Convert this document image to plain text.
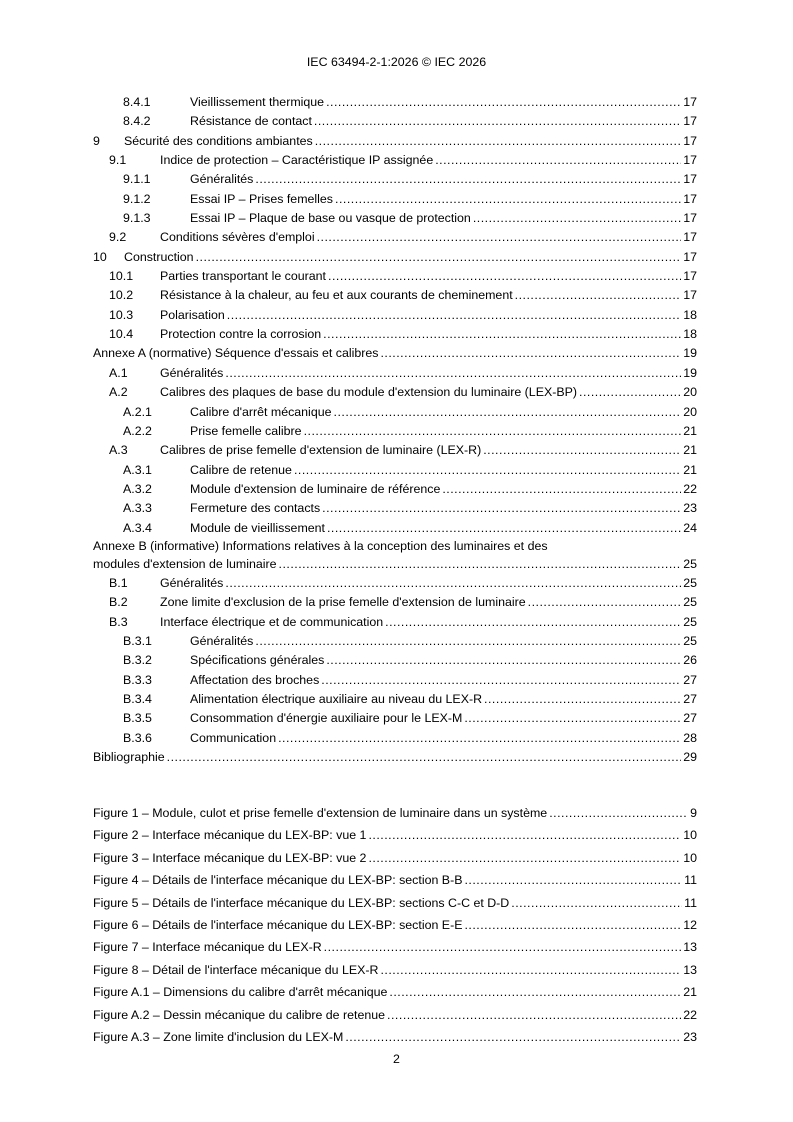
IEC 63494-2-1:2026 © IEC 2026
8.4.1	Vieillissement thermique .....	17
8.4.2	Résistance de contact .....	17
9	Sécurité des conditions ambiantes .....	17
9.1	Indice de protection – Caractéristique IP assignée .....	17
9.1.1	Généralités .....	17
9.1.2	Essai IP – Prises femelles .....	17
9.1.3	Essai IP – Plaque de base ou vasque de protection .....	17
9.2	Conditions sévères d'emploi .....	17
10	Construction .....	17
10.1	Parties transportant le courant .....	17
10.2	Résistance à la chaleur, au feu et aux courants de cheminement .....	17
10.3	Polarisation .....	18
10.4	Protection contre la corrosion .....	18
Annexe A (normative) Séquence d'essais et calibres .....	19
A.1	Généralités .....	19
A.2	Calibres des plaques de base du module d'extension du luminaire (LEX-BP) .....	20
A.2.1	Calibre d'arrêt mécanique .....	20
A.2.2	Prise femelle calibre .....	21
A.3	Calibres de prise femelle d'extension de luminaire (LEX-R) .....	21
A.3.1	Calibre de retenue .....	21
A.3.2	Module d'extension de luminaire de référence .....	22
A.3.3	Fermeture des contacts .....	23
A.3.4	Module de vieillissement .....	24
Annexe B (informative) Informations relatives à la conception des luminaires et des
modules d'extension de luminaire .....	25
B.1	Généralités .....	25
B.2	Zone limite d'exclusion de la prise femelle d'extension de luminaire .....	25
B.3	Interface électrique et de communication .....	25
B.3.1	Généralités .....	25
B.3.2	Spécifications générales .....	26
B.3.3	Affectation des broches .....	27
B.3.4	Alimentation électrique auxiliaire au niveau du LEX-R .....	27
B.3.5	Consommation d'énergie auxiliaire pour le LEX-M .....	27
B.3.6	Communication .....	28
Bibliographie .....	29
Figure 1 – Module, culot et prise femelle d'extension de luminaire dans un système .....	9
Figure 2 – Interface mécanique du LEX-BP: vue 1 .....	10
Figure 3 – Interface mécanique du LEX-BP: vue 2 .....	10
Figure 4 – Détails de l'interface mécanique du LEX-BP: section B-B .....	11
Figure 5 – Détails de l'interface mécanique du LEX-BP: sections C-C et D-D .....	11
Figure 6 – Détails de l'interface mécanique du LEX-BP: section E-E .....	12
Figure 7 – Interface mécanique du LEX-R .....	13
Figure 8 – Détail de l'interface mécanique du LEX-R .....	13
Figure A.1 – Dimensions du calibre d'arrêt mécanique .....	21
Figure A.2 – Dessin mécanique du calibre de retenue .....	22
Figure A.3 – Zone limite d'inclusion du LEX-M .....	23
2
